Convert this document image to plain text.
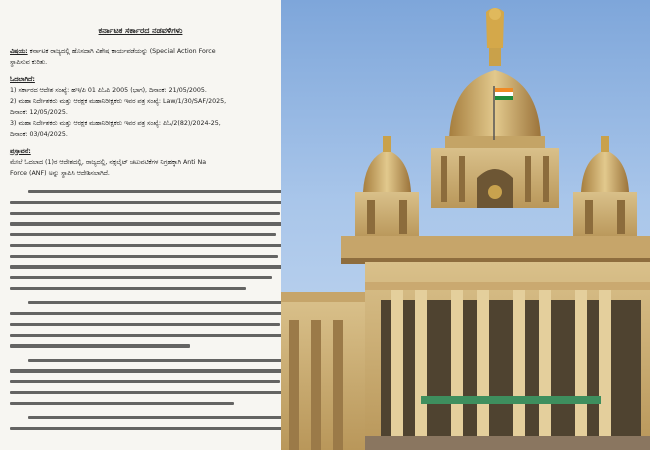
ಕರ್ನಾಟಕ ಸರ್ಕಾರದ ನಡವಳಿಗಳು
ವಿಷಯ: ಕರ್ನಾಟಕ ರಾಜ್ಯದಲ್ಲಿ ಹೊಸದಾಗಿ ವಿಶೇಷ ಕಾರ್ಯಪಡೆಯನ್ನು (Special Action Force
ಸ್ಥಾಪಿಸುವ ಕುರಿತು.
ಓದಲಾಗಿದೆ:
1) ಸರ್ಕಾರದ ಆದೇಶ ಸಂಖ್ಯೆ: ಹಇ/ಪಿ 01 ಪಿಓಪಿ 2005 (ಭಾಗ), ದಿನಾಂಕ: 21/05/2005.
2) ಮಹಾ ನಿರ್ದೇಶಕರು ಮತ್ತು ಆರಕ್ಷಕ ಮಹಾನಿರೀಕ್ಷಕರು ಇವರ ಪತ್ರ ಸಂಖ್ಯೆ: Law/1/30/SAF/2025,
ದಿನಾಂಕ: 12/05/2025.
3) ಮಹಾ ನಿರ್ದೇಶಕರು ಮತ್ತು ಆರಕ್ಷಕ ಮಹಾನಿರೀಕ್ಷಕರು ಇವರ ಪತ್ರ ಸಂಖ್ಯೆ: ಪಿಓ/2(82)/2024-25,
ದಿನಾಂಕ: 03/04/2025.
ಪ್ರಸ್ತಾವನೆ:
ಮೇಲೆ ಓದಲಾದ (1)ರ ಆದೇಶದಲ್ಲಿ, ರಾಜ್ಯದಲ್ಲಿ, ನಕ್ಸಲೈಟ್ ಚಟುವಟಿಕೆಗಳ ನಿಗ್ರಹಕ್ಕಾಗಿ Anti Na
Force (ANF) ಅನ್ನು ಸ್ಥಾಪಿಸಿ ಆದೇಶಿಸಲಾಗಿದೆ.
